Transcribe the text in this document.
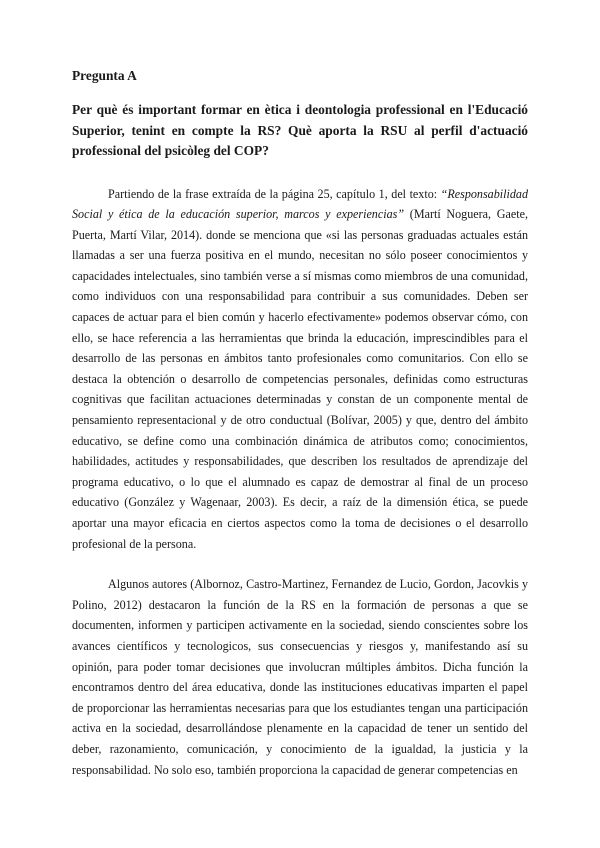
Pregunta A
Per què és important formar en ètica i deontologia professional en l'Educació Superior, tenint en compte la RS? Què aporta la RSU al perfil d'actuació professional del psicòleg del COP?

Partiendo de la frase extraída de la página 25, capítulo 1, del texto: “Responsabilidad Social y ética de la educación superior, marcos y experiencias” (Martí Noguera, Gaete, Puerta, Martí Vilar, 2014). donde se menciona que «si las personas graduadas actuales están llamadas a ser una fuerza positiva en el mundo, necesitan no sólo poseer conocimientos y capacidades intelectuales, sino también verse a sí mismas como miembros de una comunidad, como individuos con una responsabilidad para contribuir a sus comunidades. Deben ser capaces de actuar para el bien común y hacerlo efectivamente» podemos observar cómo, con ello, se hace referencia a las herramientas que brinda la educación, imprescindibles para el desarrollo de las personas en ámbitos tanto profesionales como comunitarios. Con ello se destaca la obtención o desarrollo de competencias personales, definidas como estructuras cognitivas que facilitan actuaciones determinadas y constan de un componente mental de pensamiento representacional y de otro conductual (Bolívar, 2005) y que, dentro del ámbito educativo, se define como una combinación dinámica de atributos como; conocimientos, habilidades, actitudes y responsabilidades, que describen los resultados de aprendizaje del programa educativo, o lo que el alumnado es capaz de demostrar al final de un proceso educativo (González y Wagenaar, 2003). Es decir, a raíz de la dimensión ética, se puede aportar una mayor eficacia en ciertos aspectos como la toma de decisiones o el desarrollo profesional de la persona.

Algunos autores (Albornoz, Castro-Martinez, Fernandez de Lucio, Gordon, Jacovkis y Polino, 2012) destacaron la función de la RS en la formación de personas a que se documenten, informen y participen activamente en la sociedad, siendo conscientes sobre los avances científicos y tecnologicos, sus consecuencias y riesgos y, manifestando así su opinión, para poder tomar decisiones que involucran múltiples ámbitos. Dicha función la encontramos dentro del área educativa, donde las instituciones educativas imparten el papel de proporcionar las herramientas necesarias para que los estudiantes tengan una participación activa en la sociedad, desarrollándose plenamente en la capacidad de tener un sentido del deber, razonamiento, comunicación, y conocimiento de la igualdad, la justicia y la responsabilidad. No solo eso, también proporciona la capacidad de generar competencias en
